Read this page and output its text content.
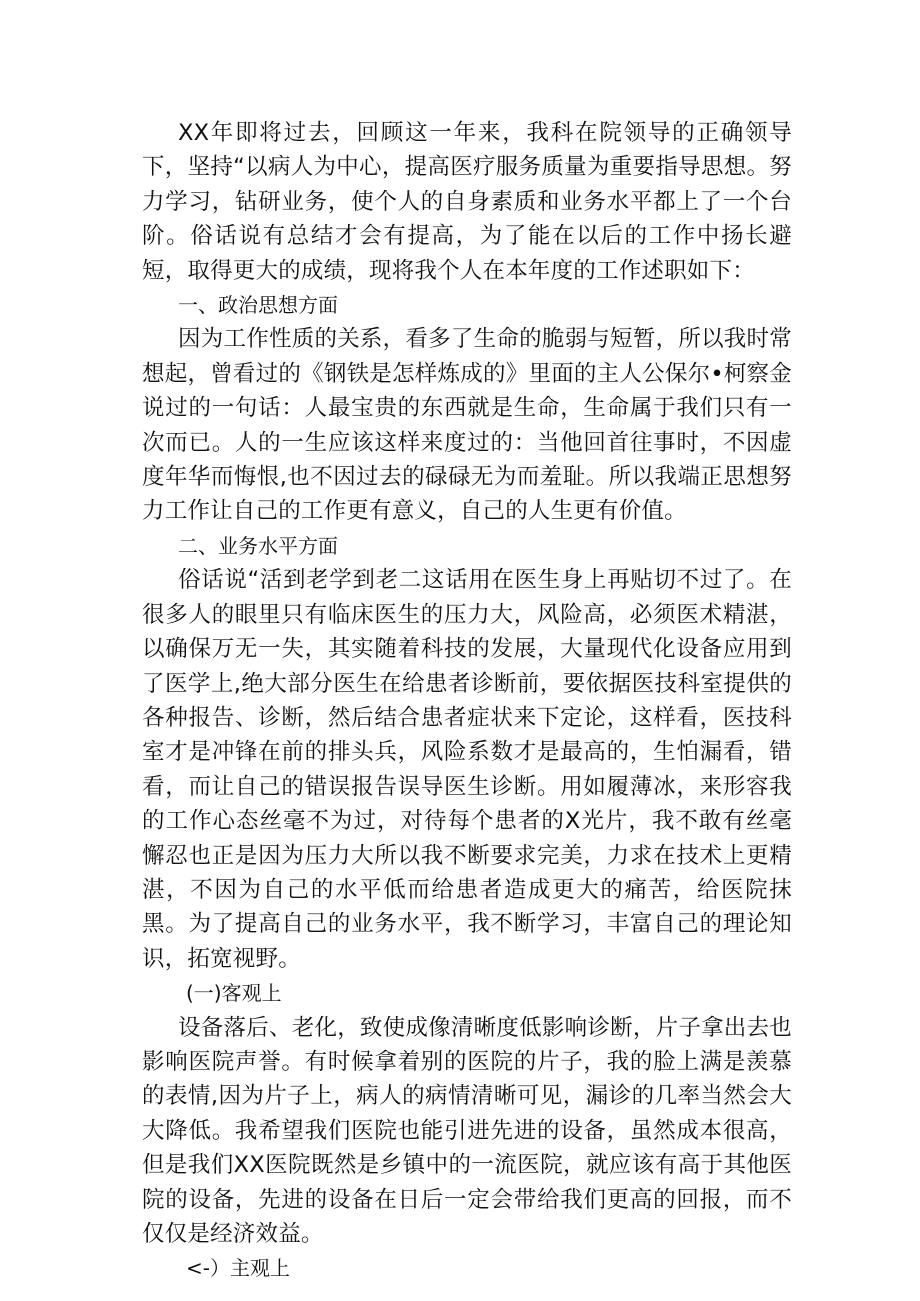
XX年即将过去，回顾这一年来，我科在院领导的正确领导下，坚持“以病人为中心，提高医疗服务质量为重要指导思想。努力学习，钻研业务，使个人的自身素质和业务水平都上了一个台阶。俗话说有总结才会有提高，为了能在以后的工作中扬长避短，取得更大的成绩，现将我个人在本年度的工作述职如下：

一、政治思想方面

因为工作性质的关系，看多了生命的脆弱与短暂，所以我时常想起，曾看过的《钢铁是怎样炼成的》里面的主人公保尔•柯察金说过的一句话：人最宝贵的东西就是生命，生命属于我们只有一次而已。人的一生应该这样来度过的：当他回首往事时，不因虚度年华而悔恨,也不因过去的碌碌无为而羞耻。所以我端正思想努力工作让自己的工作更有意义，自己的人生更有价值。

二、业务水平方面

俗话说“活到老学到老二这话用在医生身上再贴切不过了。在很多人的眼里只有临床医生的压力大，风险高，必须医术精湛，以确保万无一失，其实随着科技的发展，大量现代化设备应用到了医学上,绝大部分医生在给患者诊断前，要依据医技科室提供的各种报告、诊断，然后结合患者症状来下定论，这样看，医技科室才是冲锋在前的排头兵，风险系数才是最高的，生怕漏看，错看，而让自己的错误报告误导医生诊断。用如履薄冰，来形容我的工作心态丝毫不为过，对待每个患者的X光片，我不敢有丝毫懈忍也正是因为压力大所以我不断要求完美，力求在技术上更精湛，不因为自己的水平低而给患者造成更大的痛苦，给医院抹黑。为了提高自己的业务水平，我不断学习，丰富自己的理论知识，拓宽视野。

(一)客观上

设备落后、老化，致使成像清晰度低影响诊断，片子拿出去也影响医院声誉。有时候拿着别的医院的片子，我的脸上满是羡慕的表情,因为片子上，病人的病情清晰可见，漏诊的几率当然会大大降低。我希望我们医院也能引进先进的设备，虽然成本很高，但是我们XX医院既然是乡镇中的一流医院，就应该有高于其他医院的设备，先进的设备在日后一定会带给我们更高的回报，而不仅仅是经济效益。

<-）主观上
